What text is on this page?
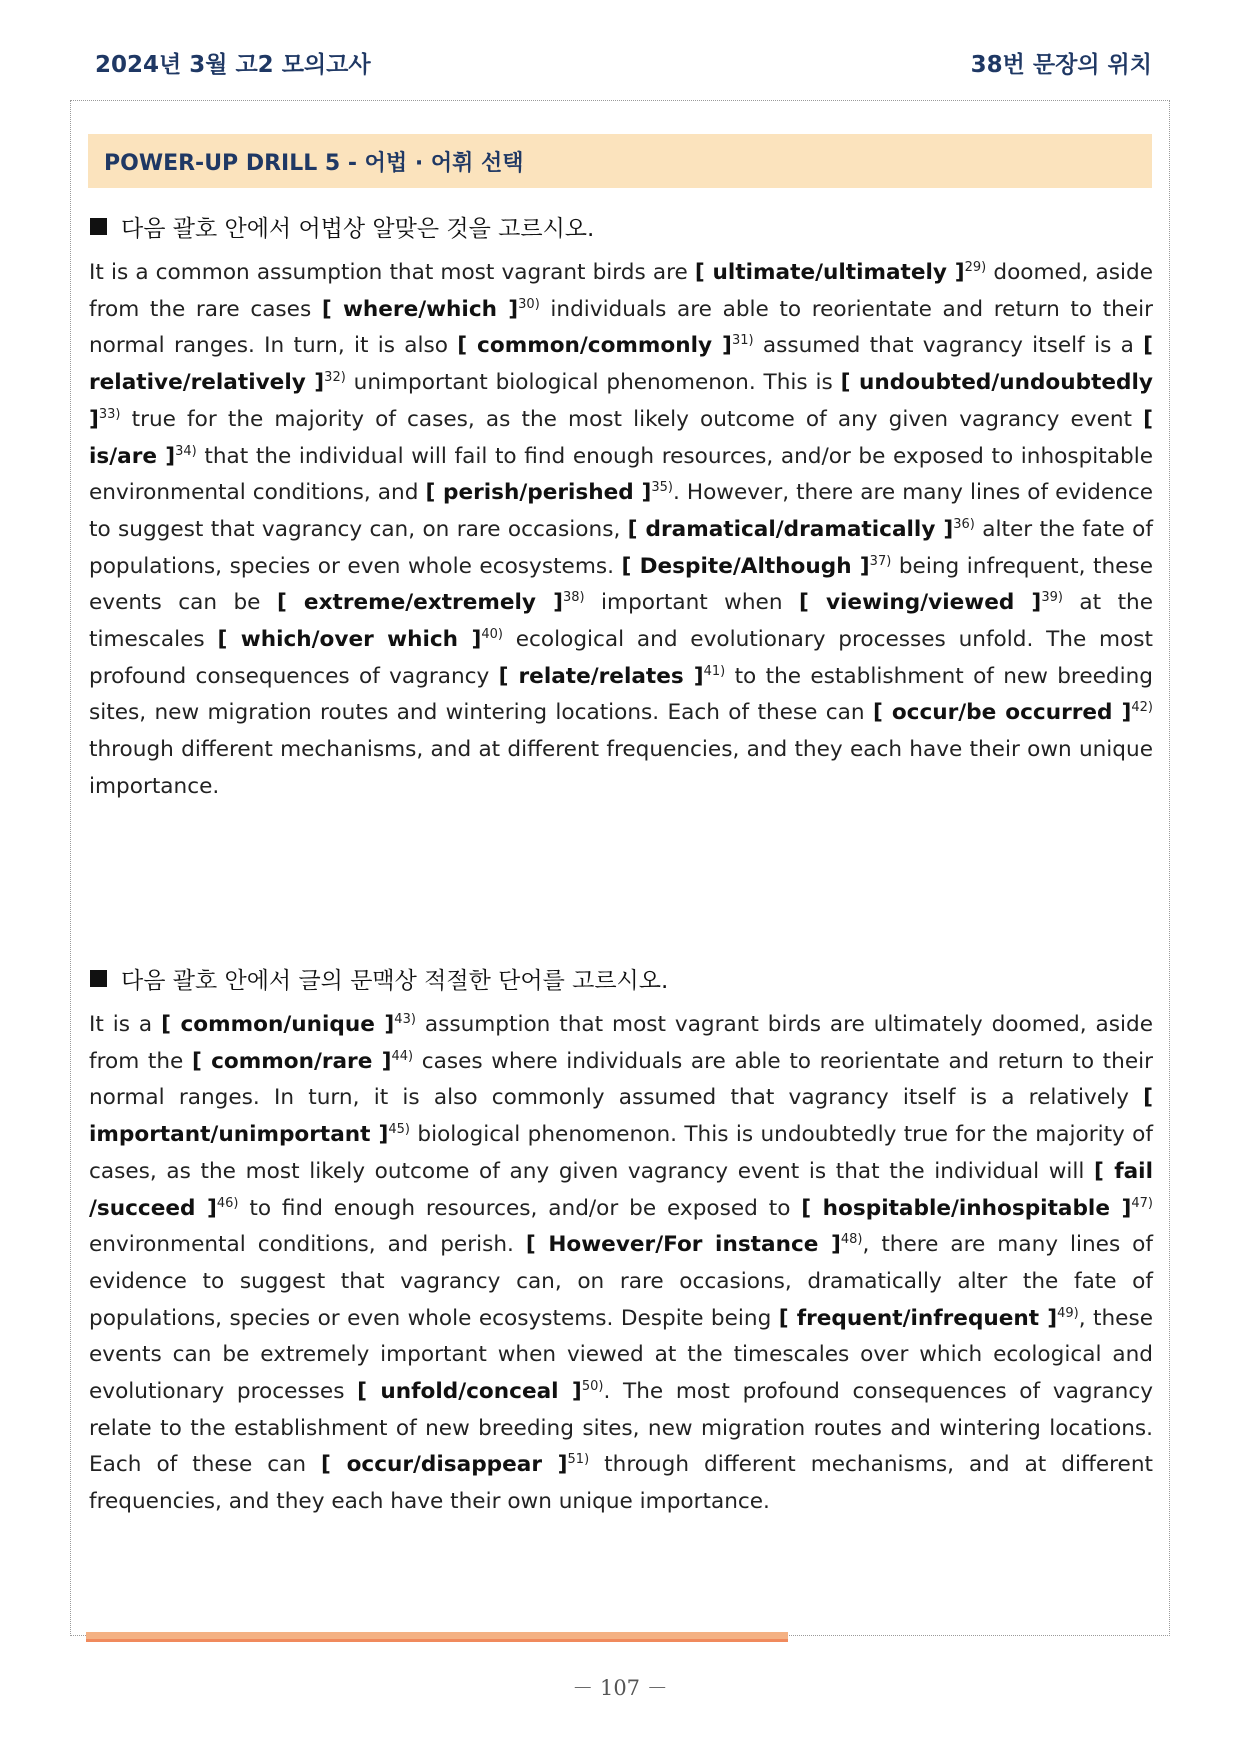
2024년 3월 고2 모의고사	38번 문장의 위치
POWER-UP DRILL 5 - 어법 · 어휘 선택
다음 괄호 안에서 어법상 알맞은 것을 고르시오.
It is a common assumption that most vagrant birds are [ ultimate/ultimately ]$^{29)}$ doomed, aside from the rare cases [ where/which ]$^{30)}$ individuals are able to reorientate and return to their normal ranges. In turn, it is also [ common/commonly ]$^{31)}$ assumed that vagrancy itself is a [ relative/relatively ]$^{32)}$ unimportant biological phenomenon. This is [ undoubted/undoubtedly ]$^{33)}$ true for the majority of cases, as the most likely outcome of any given vagrancy event [ is/are ]$^{34)}$ that the individual will fail to find enough resources, and/or be exposed to inhospitable environmental conditions, and [ perish/perished ]$^{35)}$. However, there are many lines of evidence to suggest that vagrancy can, on rare occasions, [ dramatical/dramatically ]$^{36)}$ alter the fate of populations, species or even whole ecosystems. [ Despite/Although ]$^{37)}$ being infrequent, these events can be [ extreme/extremely ]$^{38)}$ important when [ viewing/viewed ]$^{39)}$ at the timescales [ which/over which ]$^{40)}$ ecological and evolutionary processes unfold. The most profound consequences of vagrancy [ relate/relates ]$^{41)}$ to the establishment of new breeding sites, new migration routes and wintering locations. Each of these can [ occur/be occurred ]$^{42)}$ through different mechanisms, and at different frequencies, and they each have their own unique importance.
다음 괄호 안에서 글의 문맥상 적절한 단어를 고르시오.
It is a [ common/unique ]$^{43)}$ assumption that most vagrant birds are ultimately doomed, aside from the [ common/rare ]$^{44)}$ cases where individuals are able to reorientate and return to their normal ranges. In turn, it is also commonly assumed that vagrancy itself is a relatively [ important/unimportant ]$^{45)}$ biological phenomenon. This is undoubtedly true for the majority of cases, as the most likely outcome of any given vagrancy event is that the individual will [ fail /succeed ]$^{46)}$ to find enough resources, and/or be exposed to [ hospitable/inhospitable ]$^{47)}$ environmental conditions, and perish. [ However/For instance ]$^{48)}$, there are many lines of evidence to suggest that vagrancy can, on rare occasions, dramatically alter the fate of populations, species or even whole ecosystems. Despite being [ frequent/infrequent ]$^{49)}$, these events can be extremely important when viewed at the timescales over which ecological and evolutionary processes [ unfold/conceal ]$^{50)}$. The most profound consequences of vagrancy relate to the establishment of new breeding sites, new migration routes and wintering locations. Each of these can [ occur/disappear ]$^{51)}$ through different mechanisms, and at different frequencies, and they each have their own unique importance.
－ 107 －
